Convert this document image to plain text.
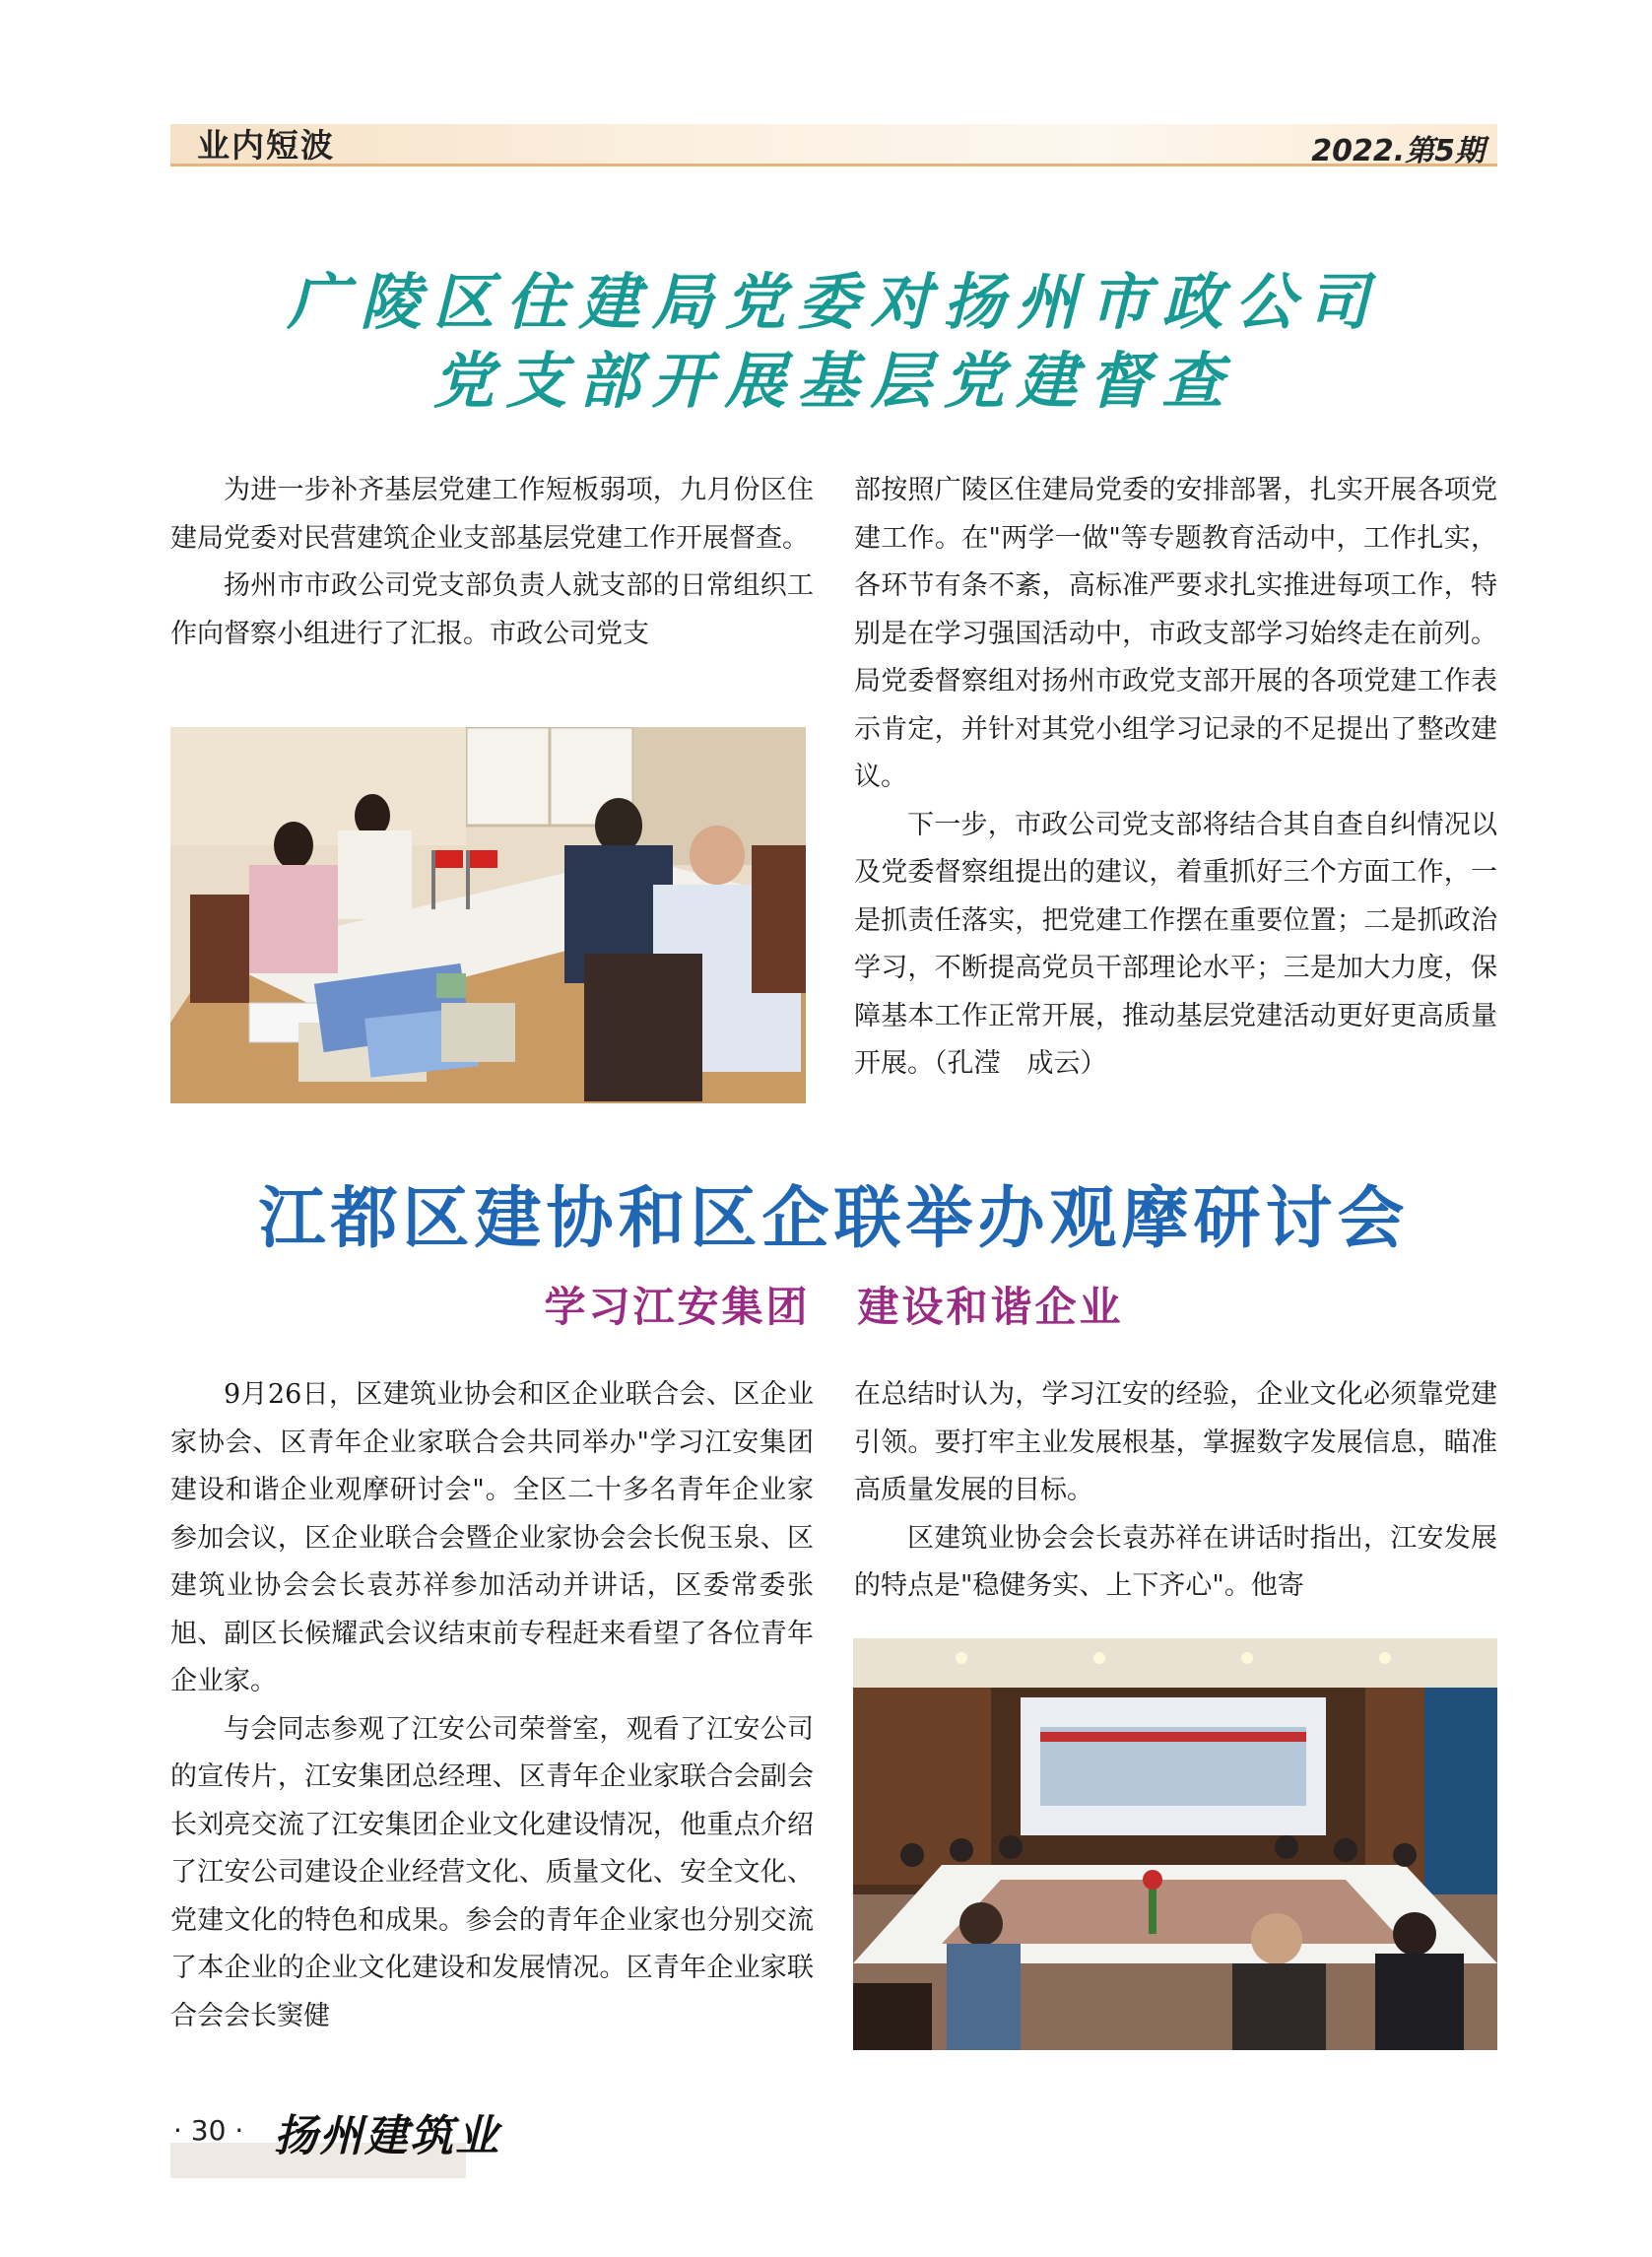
业内短波	2022.第5期
广陵区住建局党委对扬州市政公司
党支部开展基层党建督查

为进一步补齐基层党建工作短板弱项，九月份区住建局党委对民营建筑企业支部基层党建工作开展督查。

扬州市市政公司党支部负责人就支部的日常组织工作向督察小组进行了汇报。市政公司党支

部按照广陵区住建局党委的安排部署，扎实开展各项党建工作。在"两学一做"等专题教育活动中，工作扎实，各环节有条不紊，高标准严要求扎实推进每项工作，特别是在学习强国活动中，市政支部学习始终走在前列。局党委督察组对扬州市政党支部开展的各项党建工作表示肯定，并针对其党小组学习记录的不足提出了整改建议。

下一步，市政公司党支部将结合其自查自纠情况以及党委督察组提出的建议，着重抓好三个方面工作，一是抓责任落实，把党建工作摆在重要位置；二是抓政治学习，不断提高党员干部理论水平；三是加大力度，保障基本工作正常开展，推动基层党建活动更好更高质量开展。（孔滢　成云）

江都区建协和区企联举办观摩研讨会
学习江安集团 建设和谐企业

9月26日，区建筑业协会和区企业联合会、区企业家协会、区青年企业家联合会共同举办"学习江安集团 建设和谐企业观摩研讨会"。全区二十多名青年企业家参加会议，区企业联合会暨企业家协会会长倪玉泉、区建筑业协会会长袁苏祥参加活动并讲话，区委常委张旭、副区长候耀武会议结束前专程赶来看望了各位青年企业家。

与会同志参观了江安公司荣誉室，观看了江安公司的宣传片，江安集团总经理、区青年企业家联合会副会长刘亮交流了江安集团企业文化建设情况，他重点介绍了江安公司建设企业经营文化、质量文化、安全文化、党建文化的特色和成果。参会的青年企业家也分别交流了本企业的企业文化建设和发展情况。区青年企业家联合会会长窦健

在总结时认为，学习江安的经验，企业文化必须靠党建引领。要打牢主业发展根基，掌握数字发展信息，瞄准高质量发展的目标。

区建筑业协会会长袁苏祥在讲话时指出，江安发展的特点是"稳健务实、上下齐心"。他寄

· 30 · 扬州建筑业
